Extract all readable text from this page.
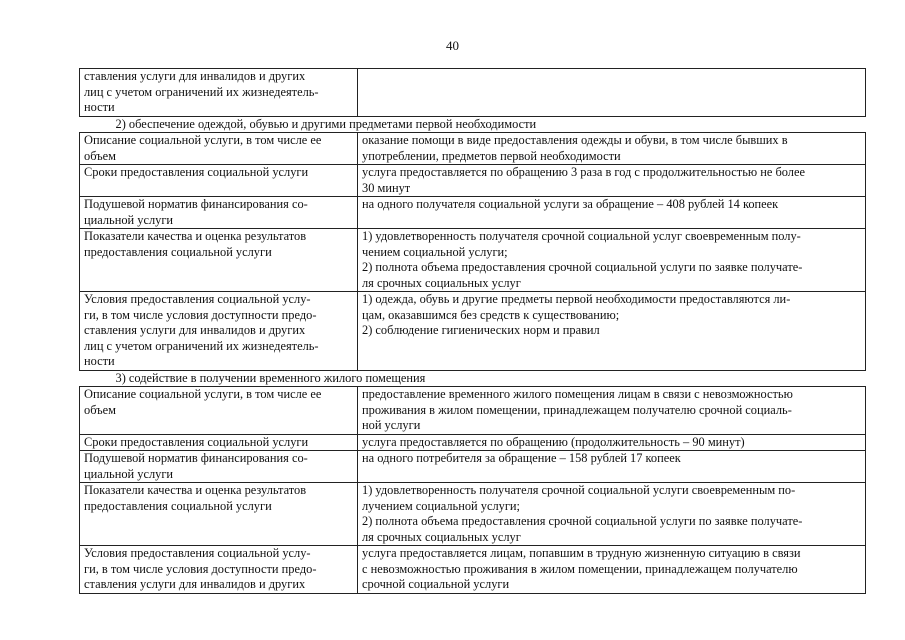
40
ставления услуги для инвалидов и других
лиц с учетом ограничений их жизнедеятель-
ности	

2) обеспечение одеждой, обувью и другими предметами первой необходимости	

Описание социальной услуги, в том числе ее
объем	оказание помощи в виде предоставления одежды и обуви, в том числе бывших в
употреблении, предметов первой необходимости

Сроки предоставления социальной услуги	услуга предоставляется по обращению 3 раза в год с продолжительностью не более
30 минут

Подушевой норматив финансирования со-
циальной услуги	на одного получателя социальной услуги за обращение – 408 рублей 14 копеек

Показатели качества и оценка результатов
предоставления социальной услуги	1) удовлетворенность получателя срочной социальной услуг своевременным полу-
чением социальной услуги;
2) полнота объема предоставления срочной социальной услуги по заявке получате-
ля срочных социальных услуг

Условия предоставления социальной услу-
ги, в том числе условия доступности предо-
ставления услуги для инвалидов и других
лиц с учетом ограничений их жизнедеятель-
ности	1) одежда, обувь и другие предметы первой необходимости предоставляются ли-
цам, оказавшимся без средств к существованию;
2) соблюдение гигиенических норм и правил

3) содействие в получении временного жилого помещения	

Описание социальной услуги, в том числе ее
объем	предоставление временного жилого помещения лицам в связи с невозможностью
проживания в жилом помещении, принадлежащем получателю срочной социаль-
ной услуги

Сроки предоставления социальной услуги	услуга предоставляется по обращению (продолжительность – 90 минут)

Подушевой норматив финансирования со-
циальной услуги	на одного потребителя за обращение – 158 рублей 17 копеек

Показатели качества и оценка результатов
предоставления социальной услуги	1) удовлетворенность получателя срочной социальной услуги своевременным по-
лучением социальной услуги;
2) полнота объема предоставления срочной социальной услуги по заявке получате-
ля срочных социальных услуг

Условия предоставления социальной услу-
ги, в том числе условия доступности предо-
ставления услуги для инвалидов и других	услуга предоставляется лицам, попавшим в трудную жизненную ситуацию в связи
с невозможностью проживания в жилом помещении, принадлежащем получателю
срочной социальной услуги
